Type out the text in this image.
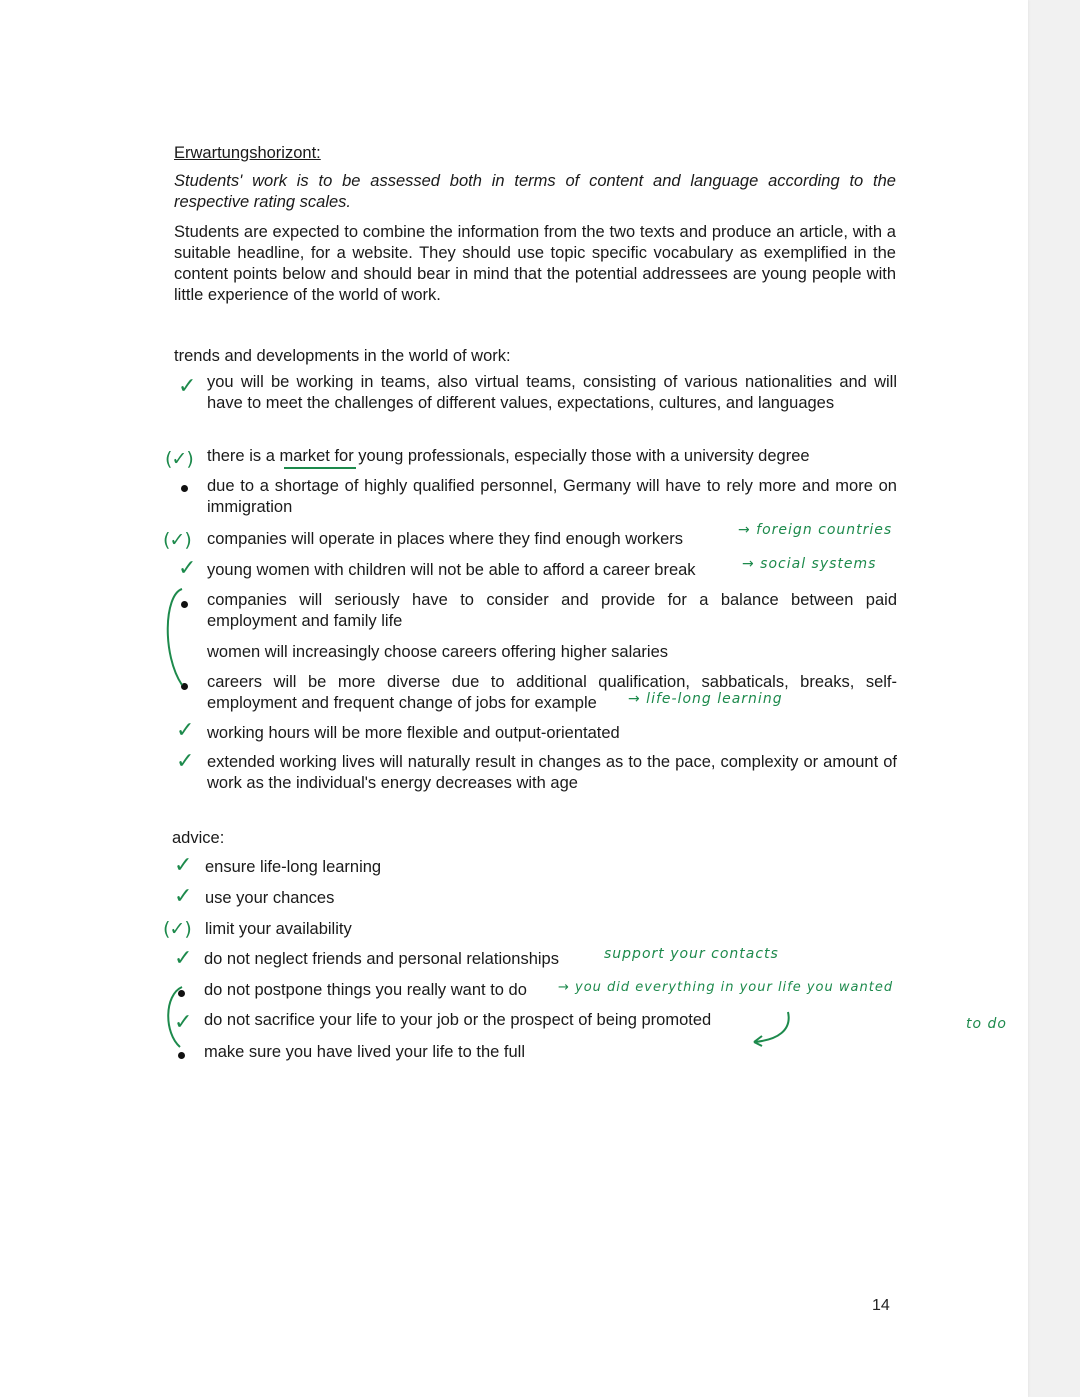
Erwartungshorizont:
Students' work is to be assessed both in terms of content and language according to the respective rating scales.
Students are expected to combine the information from the two texts and produce an article, with a suitable headline, for a website. They should use topic specific vocabulary as exemplified in the content points below and should bear in mind that the potential addressees are young people with little experience of the world of work.
trends and developments in the world of work:
✓ you will be working in teams, also virtual teams, consisting of various nationalities and will have to meet the challenges of different values, expectations, cultures, and languages
(✓) there is a market for young professionals, especially those with a university degree
due to a shortage of highly qualified personnel, Germany will have to rely more and more on immigration
(✓) companies will operate in places where they find enough workers	→ foreign countries
✓ young women with children will not be able to afford a career break	→ social systems
companies will seriously have to consider and provide for a balance between paid employment and family life
women will increasingly choose careers offering higher salaries
careers will be more diverse due to additional qualification, sabbaticals, breaks, self-employment and frequent change of jobs for example	→ life-long learning
✓ working hours will be more flexible and output-orientated
✓ extended working lives will naturally result in changes as to the pace, complexity or amount of work as the individual's energy decreases with age
advice:
✓ ensure life-long learning
✓ use your chances
(✓) limit your availability
✓ do not neglect friends and personal relationships	support your contacts
do not postpone things you really want to do	→ you did everything in your life you wanted
to do
✓ do not sacrifice your life to your job or the prospect of being promoted
make sure you have lived your life to the full
14
